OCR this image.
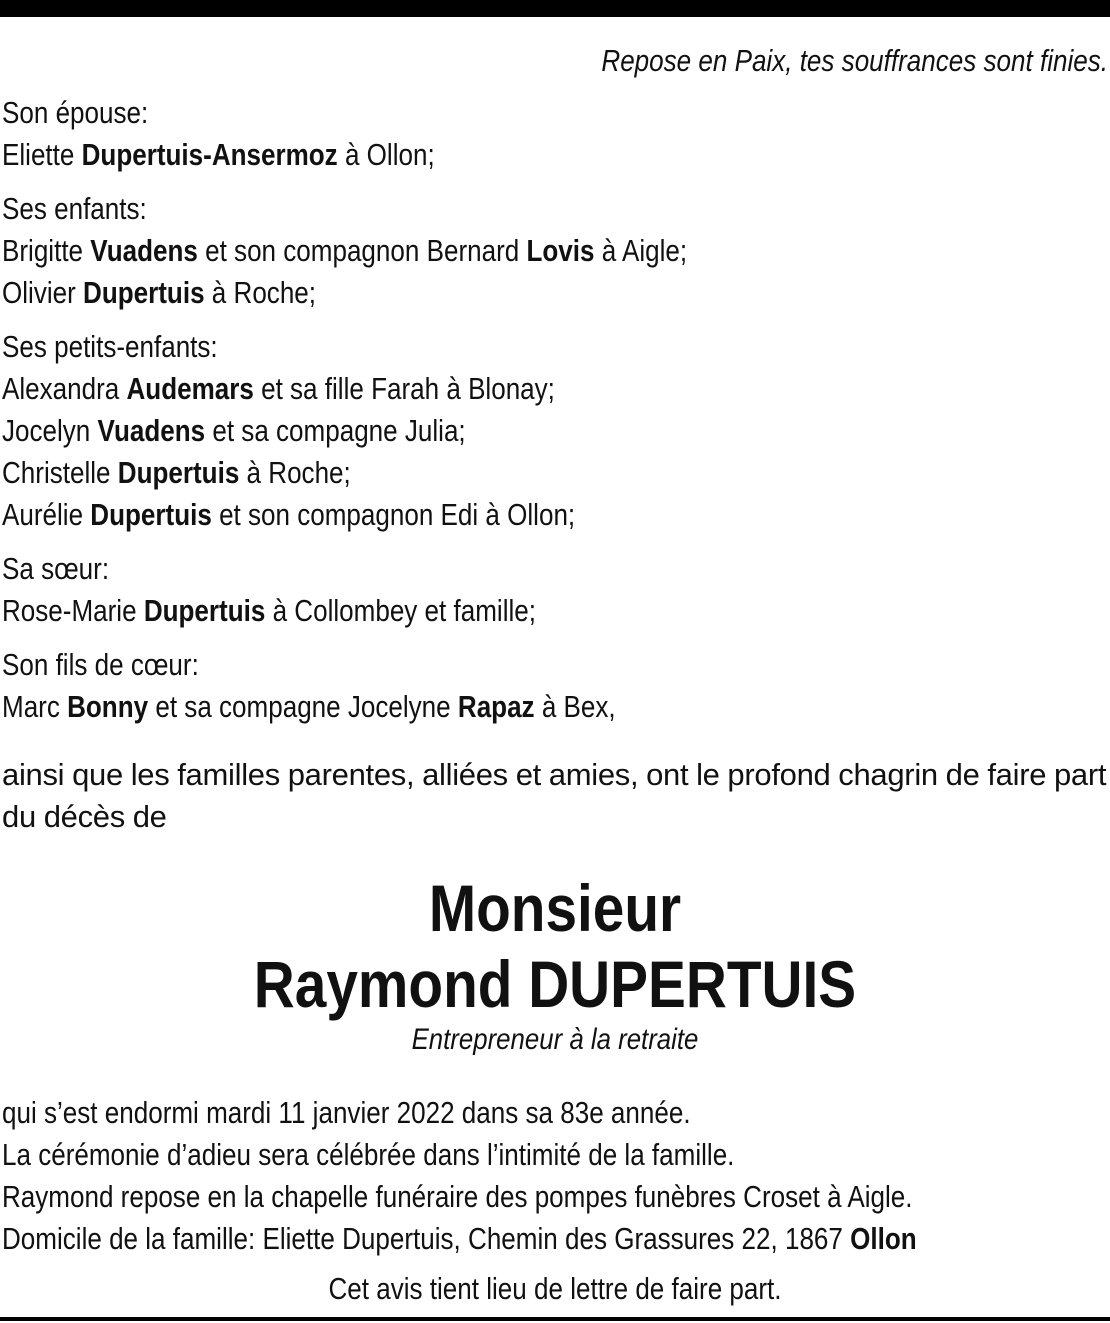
Repose en Paix, tes souffrances sont finies.
Son épouse:
Eliette Dupertuis-Ansermoz à Ollon;
Ses enfants:
Brigitte Vuadens et son compagnon Bernard Lovis à Aigle;
Olivier Dupertuis à Roche;
Ses petits-enfants:
Alexandra Audemars et sa fille Farah à Blonay;
Jocelyn Vuadens et sa compagne Julia;
Christelle Dupertuis à Roche;
Aurélie Dupertuis et son compagnon Edi à Ollon;
Sa sœur:
Rose-Marie Dupertuis à Collombey et famille;
Son fils de cœur:
Marc Bonny et sa compagne Jocelyne Rapaz à Bex,
ainsi que les familles parentes, alliées et amies, ont le profond chagrin de faire part du décès de
Monsieur
Raymond DUPERTUIS
Entrepreneur à la retraite
qui s’est endormi mardi 11 janvier 2022 dans sa 83e année.
La cérémonie d’adieu sera célébrée dans l’intimité de la famille.
Raymond repose en la chapelle funéraire des pompes funèbres Croset à Aigle.
Domicile de la famille: Eliette Dupertuis, Chemin des Grassures 22, 1867 Ollon
Cet avis tient lieu de lettre de faire part.
